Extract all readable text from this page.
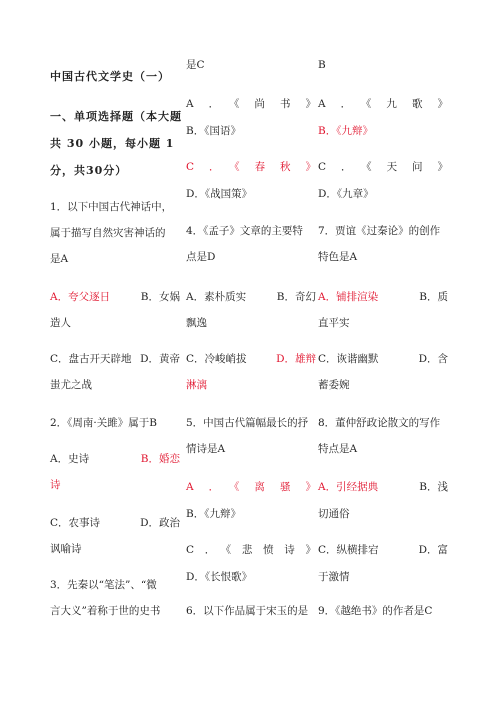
中国古代文学史（一）
一、单项选择题（本大题
共 30 小题，每小题 1
分，共30分）
1．以下中国古代神话中，
属于描写自然灾害神话的
是A
A．夸父逐日	B．女娲
造人
C．盘古开天辟地 D．黄帝
蚩尤之战
2．《周南·关雎》属于B
A．史诗	B．婚恋
诗
C．农事诗	D．政治
讽喻诗
3．先秦以“笔法”、“微
言大义”着称于世的史书
是C
A．《尚书》
B．《国语》
C．《春秋》
D．《战国策》
4．《孟子》文章的主要特
点是D
A．素朴质实	B．奇幻
飘逸
C．冷峻峭拔	D．雄辩
淋漓
5．中国古代篇幅最长的抒
情诗是A
A．《离骚》
B．《九辩》
C．《悲愤诗》
D．《长恨歌》
6．以下作品属于宋玉的是
B
A．《九歌》
B．《九辩》
C．《天问》
D．《九章》
7．贾谊《过秦论》的创作
特色是A
A．铺排渲染	B．质
直平实
C．诙谐幽默	D．含
蓄委婉
8．董仲舒政论散文的写作
特点是A
A．引经据典	B．浅
切通俗
C．纵横排宕	D．富
于激情
9．《越绝书》的作者是C
